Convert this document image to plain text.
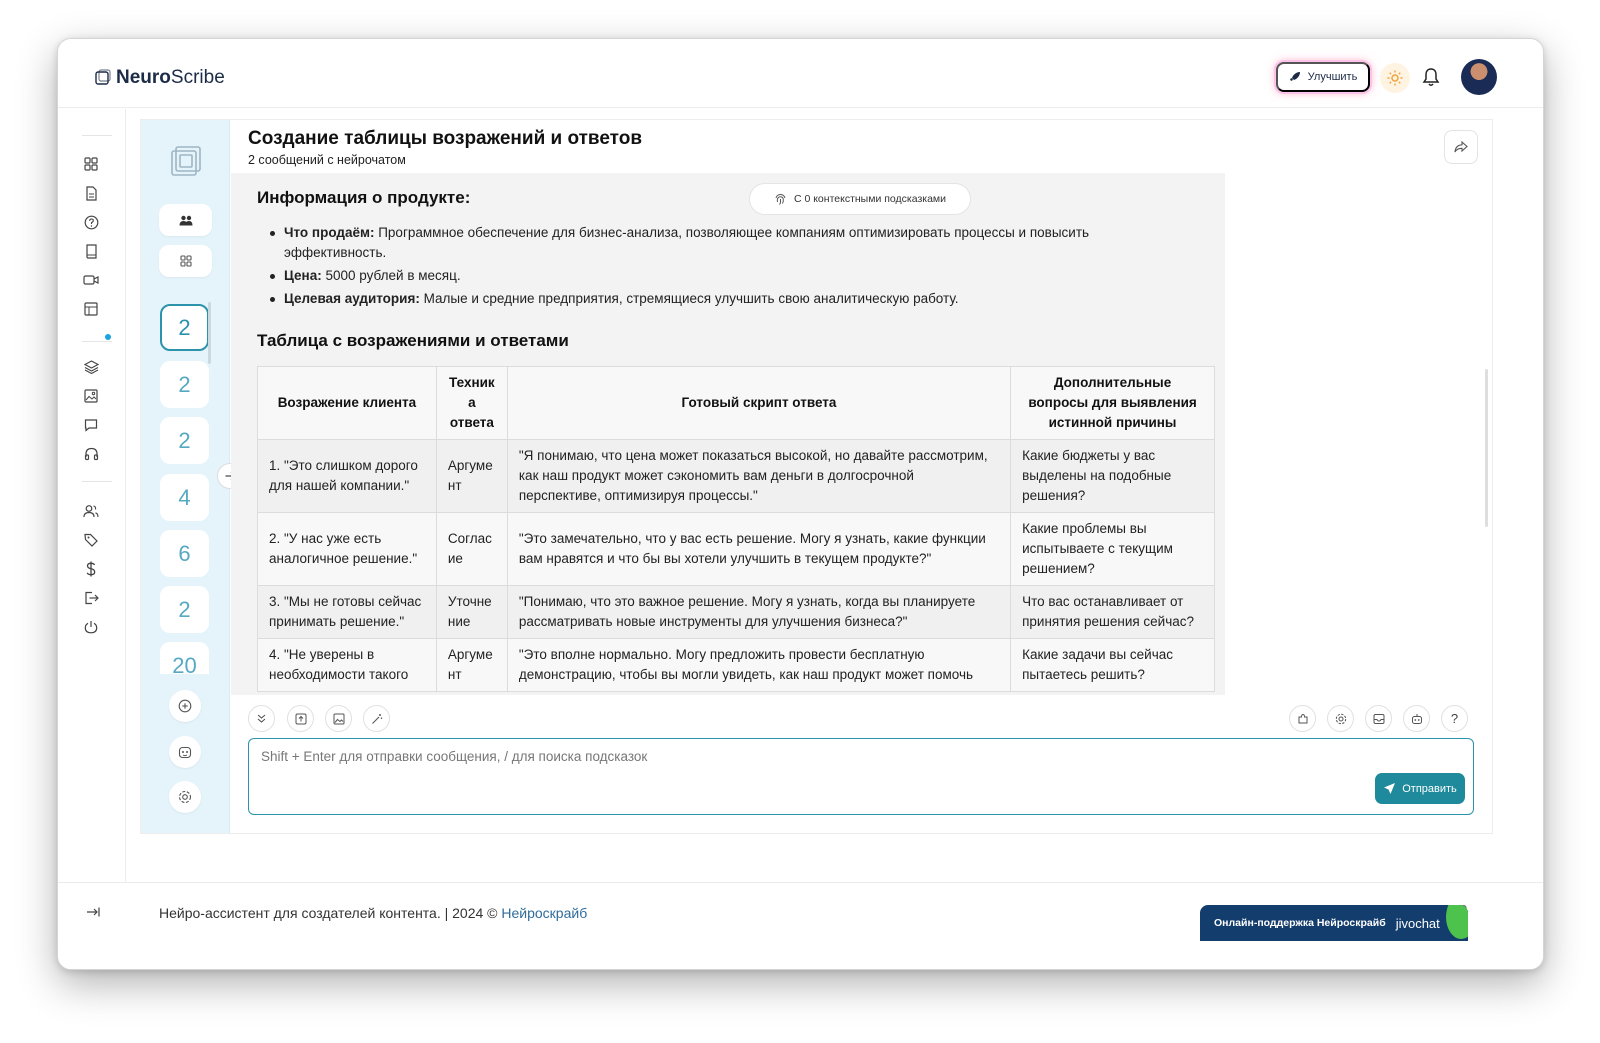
Neuro Scribe	Улучшить
2
2
2
4
6
2
20
Создание таблицы возражений и ответов
2 сообщений с нейрочатом
Информация о продукте:	С 0 контекстными подсказками
Что продаём: Программное обеспечение для бизнес-анализа, позволяющее компаниям оптимизировать процессы и повысить эффективность.
Цена: 5000 рублей в месяц.
Целевая аудитория: Малые и средние предприятия, стремящиеся улучшить свою аналитическую работу.
Таблица с возражениями и ответами
Возражение клиента	Техник а ответа	Готовый скрипт ответа	Дополнительные вопросы для выявления истинной причины
1. "Это слишком дорого для нашей компании."	Аргуме нт	"Я понимаю, что цена может показаться высокой, но давайте рассмотрим, как наш продукт может сэкономить вам деньги в долгосрочной перспективе, оптимизируя процессы."	Какие бюджеты у вас выделены на подобные решения?
2. "У нас уже есть аналогичное решение."	Соглас ие	"Это замечательно, что у вас есть решение. Могу я узнать, какие функции вам нравятся и что бы вы хотели улучшить в текущем продукте?"	Какие проблемы вы испытываете с текущим решением?
3. "Мы не готовы сейчас принимать решение."	Уточне ние	"Понимаю, что это важное решение. Могу я узнать, когда вы планируете рассматривать новые инструменты для улучшения бизнеса?"	Что вас останавливает от принятия решения сейчас?
4. "Не уверены в необходимости такого	Аргуме нт	"Это вполне нормально. Могу предложить провести бесплатную демонстрацию, чтобы вы могли увидеть, как наш продукт может помочь	Какие задачи вы сейчас пытаетесь решить?
?
Shift + Enter для отправки сообщения, / для поиска подсказок
Отправить
Нейро-ассистент для создателей контента. | 2024 © Нейроскрайб
Онлайн-поддержка Нейроскрайб jivochat
